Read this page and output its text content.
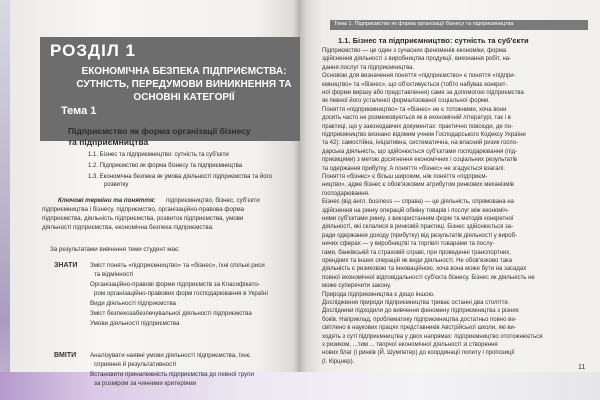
РОЗДІЛ 1
ЕКОНОМІЧНА БЕЗПЕКА ПІДПРИЄМСТВА: СУТНІСТЬ, ПЕРЕДУМОВИ ВИНИКНЕННЯ ТА ОСНОВНІ КАТЕГОРІЇ
Тема 1
Підприємство як форма організації бізнесу
та підприємництва
1.1. Бізнес та підприємництво: сутність та суб'єкти
1.2. Підприємство як форма бізнесу та підприємництва
1.3. Економічна безпека як умова діяльності підприємства та його
розвитку
Ключові терміни та поняття: підприємництво, бізнес, суб'єкти
підприємництва і бізнесу, підприємство, організаційно-правова форма
підприємства, діяльність підприємства, розвиток підприємства, умови
діяльності підприємства, економічна безпека підприємства.
За результатами вивчення теми студент має:
ЗНАТИ Зміст понять «підприємництво» та «бізнес», їхні спільні риси
та відмінності
Організаційно-правові форми підприємств за Класифікато-
ром організаційно-правових форм господарювання в Україні
Види діяльності підприємства
Зміст безпекозабезпечувальної діяльності підприємства
Умови діяльності підприємства
ВМІТИ Аналізувати наявні умови діяльності підприємства, їхнє
сприяння й результативності
Встановити приналежність підприємства до певної групи
за розміром за чинними критеріями
Тема 1. Підприємство як форма організації бізнесу та підприємництва
1.1. Бізнес та підприємництво: сутність та суб'єкти
Підприємство — це один з сучасних феноменів економіки, форма
здійснення діяльності з виробництва продукції, виконання робіт, на-
дання послуг та підприємництва.
Основою для визначення поняття «підприємство» є поняття «підпри-
ємництво» та «бізнес», що об'єктивується (тобто набуває конкрет-
ної форми виразу або представлення) саме за допомогою підприємства
як певної його усталеної формалізованої соціальної форми.
Поняття «підприємництво» та «бізнес» не є тотожними, хоча вони
досить часто не розмежовуються як в економічній літературі, так і в
практиці, що у законодавчих документах: практично повсюди, де по-
підприємництво визнано відомим учнем Господарського Кодексу України
та 42): самостійна, ініціативна, систематична, на власний ризик госпо-
дарська діяльність, що здійснюється суб'єктами господарювання (під-
приємцями) з метою досягнення економічних і соціальних результатів
та одержання прибутку. А поняття «бізнес» не згадується взагалі.
Поняття «бізнес» є більш широким, ніж поняття «підприєм-
ництво», адже бізнес є обов'язковим атрибутом ринкових механізмів
господарювання.
Бізнес (від англ. business — справа) — це діяльність, спрямована на
здійснення на ринку операцій обміну товарів і послуг між економіч-
ними суб'єктами ринку, з використанням форм та методів конкретної
діяльності, які склалися в ринковій практиці. Бізнес здійснюється за-
ради одержання доходу (прибутку) від результатів діяльності у вироб-
ничих сферах — у виробництві та торгівлі товарами та послу-
гами, банківській та страховій справі, при проведенні транспортних,
орендних та інших операцій як види діяльності. Не обов'язково така
діяльність є ризиковою та інноваційною, хоча вона може бути на засадах
повної економічної відповідальності суб'єкта бізнесу. Бізнес як діяльність не
може суперечити закону.
Природа підприємництва є дещо іншою.
Дослідження природи підприємництва триває останні два століття.
Дослідники підходили до вивчення феномену підприємництва з різних
боків. Наприклад, проблематику підприємництва достатньо повно ви-
світлено в наукових працях представників Австрійської школи, які ви-
ходять з суті підприємництва у двох напрямах: підприємництво ототожнюється
з ризиком, ...тим ... творчої економічної діяльності зі створення
нових благ (і ринків (Й. Шумпетер) до координації попиту і пропозиції
(І. Кірцнер).
11
